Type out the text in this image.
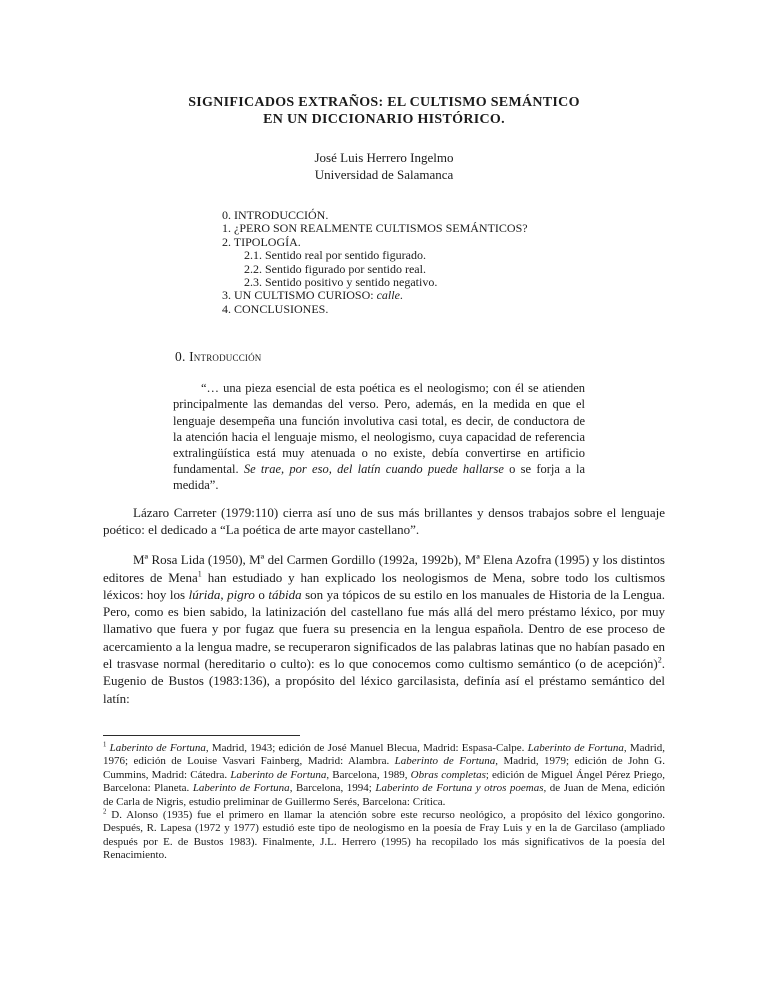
SIGNIFICADOS EXTRAÑOS: EL CULTISMO SEMÁNTICO
EN UN DICCIONARIO HISTÓRICO.
José Luis Herrero Ingelmo
Universidad de Salamanca
0. INTRODUCCIÓN.
1. ¿PERO SON REALMENTE CULTISMOS SEMÁNTICOS?
2. TIPOLOGÍA.
2.1. Sentido real por sentido figurado.
2.2. Sentido figurado por sentido real.
2.3. Sentido positivo y sentido negativo.
3. UN CULTISMO CURIOSO: calle.
4. CONCLUSIONES.
0. Introducción
“… una pieza esencial de esta poética es el neologismo; con él se atienden principalmente las demandas del verso. Pero, además, en la medida en que el lenguaje desempeña una función involutiva casi total, es decir, de conductora de la atención hacia el lenguaje mismo, el neologismo, cuya capacidad de referencia extralingüística está muy atenuada o no existe, debía convertirse en artificio fundamental. Se trae, por eso, del latín cuando puede hallarse o se forja a la medida”.

Lázaro Carreter (1979:110) cierra así uno de sus más brillantes y densos trabajos sobre el lenguaje poético: el dedicado a “La poética de arte mayor castellano”.

Mª Rosa Lida (1950), Mª del Carmen Gordillo (1992a, 1992b), Mª Elena Azofra (1995) y los distintos editores de Mena$^1$ han estudiado y han explicado los neologismos de Mena, sobre todo los cultismos léxicos: hoy los lúrida, pigro o tábida son ya tópicos de su estilo en los manuales de Historia de la Lengua. Pero, como es bien sabido, la latinización del castellano fue más allá del mero préstamo léxico, por muy llamativo que fuera y por fugaz que fuera su presencia en la lengua española. Dentro de ese proceso de acercamiento a la lengua madre, se recuperaron significados de las palabras latinas que no habían pasado en el trasvase normal (hereditario o culto): es lo que conocemos como cultismo semántico (o de acepción)$^2$. Eugenio de Bustos (1983:136), a propósito del léxico garcilasista, definía así el préstamo semántico del latín:

$^1$ Laberinto de Fortuna, Madrid, 1943; edición de José Manuel Blecua, Madrid: Espasa-Calpe. Laberinto de Fortuna, Madrid, 1976; edición de Louise Vasvari Fainberg, Madrid: Alambra. Laberinto de Fortuna, Madrid, 1979; edición de John G. Cummins, Madrid: Cátedra. Laberinto de Fortuna, Barcelona, 1989, Obras completas; edición de Miguel Ángel Pérez Priego, Barcelona: Planeta. Laberinto de Fortuna, Barcelona, 1994; Laberinto de Fortuna y otros poemas, de Juan de Mena, edición de Carla de Nigris, estudio preliminar de Guillermo Serés, Barcelona: Crítica.
$^2$ D. Alonso (1935) fue el primero en llamar la atención sobre este recurso neológico, a propósito del léxico gongorino. Después, R. Lapesa (1972 y 1977) estudió este tipo de neologismo en la poesía de Fray Luis y en la de Garcilaso (ampliado después por E. de Bustos 1983). Finalmente, J.L. Herrero (1995) ha recopilado los más significativos de la poesía del Renacimiento.
